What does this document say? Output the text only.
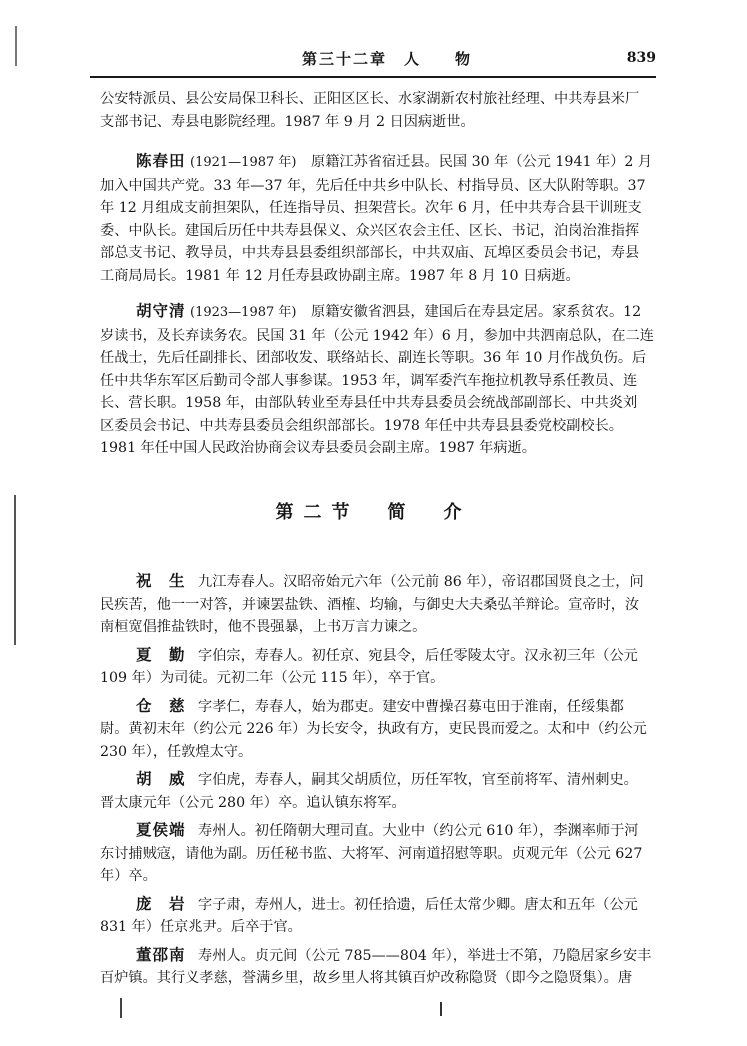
第三十二章　人　　物	839
公安特派员、县公安局保卫科长、正阳区区长、水家湖新农村旅社经理、中共寿县米厂
支部书记、寿县电影院经理。1987 年 9 月 2 日因病逝世。
陈春田 (1921—1987 年) 原籍江苏省宿迁县。民国 30 年（公元 1941 年）2 月
加入中国共产党。33 年—37 年，先后任中共乡中队长、村指导员、区大队附等职。37
年 12 月组成支前担架队，任连指导员、担架营长。次年 6 月，任中共寿合县干训班支
委、中队长。建国后历任中共寿县保义、众兴区农会主任、区长、书记，泊岗治淮指挥
部总支书记、教导员，中共寿县县委组织部部长，中共双庙、瓦埠区委员会书记，寿县
工商局局长。1981 年 12 月任寿县政协副主席。1987 年 8 月 10 日病逝。
胡守清 (1923—1987 年) 原籍安徽省泗县，建国后在寿县定居。家系贫农。12
岁读书，及长弃读务农。民国 31 年（公元 1942 年）6 月，参加中共泗南总队，在二连
任战士，先后任副排长、团部收发、联络站长、副连长等职。36 年 10 月作战负伤。后
任中共华东军区后勤司令部人事参谋。1953 年，调军委汽车拖拉机教导系任教员、连
长、营长职。1958 年，由部队转业至寿县任中共寿县委员会统战部副部长、中共炎刘
区委员会书记、中共寿县委员会组织部部长。1978 年任中共寿县县委党校副校长。
1981 年任中国人民政治协商会议寿县委员会副主席。1987 年病逝。
第二节　简　介
祝　生 九江寿春人。汉昭帝始元六年（公元前 86 年），帝诏郡国贤良之士，问
民疾苦，他一一对答，并谏罢盐铁、酒榷、均输，与御史大夫桑弘羊辩论。宣帝时，汝
南桓宽倡推盐铁时，他不畏强暴，上书万言力谏之。
夏　勤 字伯宗，寿春人。初任京、宛县令，后任零陵太守。汉永初三年（公元
109 年）为司徒。元初二年（公元 115 年），卒于官。
仓　慈 字孝仁，寿春人，始为郡吏。建安中曹操召募屯田于淮南，任绥集都
尉。黄初末年（约公元 226 年）为长安令，执政有方，吏民畏而爱之。太和中（约公元
230 年），任敦煌太守。
胡　威 字伯虎，寿春人，嗣其父胡质位，历任军牧，官至前将军、清州刺史。
晋太康元年（公元 280 年）卒。追认镇东将军。
夏侯端 寿州人。初任隋朝大理司直。大业中（约公元 610 年），李渊率师于河
东讨捕贼寇，请他为副。历任秘书监、大将军、河南道招慰等职。贞观元年（公元 627
年）卒。
庞　岩 字子肃，寿州人，进士。初任拾遗，后任太常少卿。唐太和五年（公元
831 年）任京兆尹。后卒于官。
董邵南 寿州人。贞元间（公元 785——804 年），举进士不第，乃隐居家乡安丰
百炉镇。其行义孝慈，誉满乡里，故乡里人将其镇百炉改称隐贤（即今之隐贤集）。唐
